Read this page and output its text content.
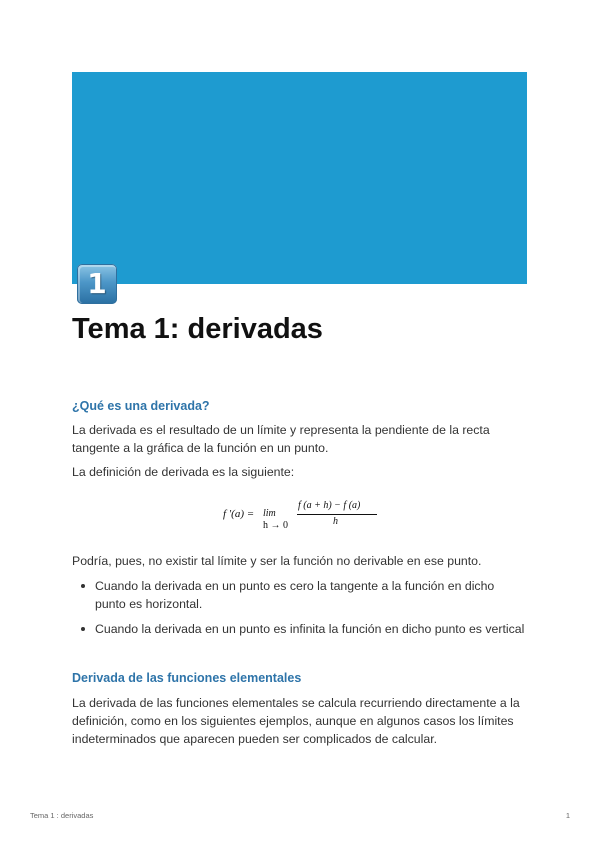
1
Tema 1: derivadas
¿Qué es una derivada?

La derivada es el resultado de un límite y representa la pendiente de la recta tangente a la gráfica de la función en un punto.

La definición de derivada es la siguiente:

f '(a) = lim
h → 0
f (a + h) − f (a)
h

Podría, pues, no existir tal límite y ser la función no derivable en ese punto.

Cuando la derivada en un punto es cero la tangente a la función en dicho punto es horizontal.
Cuando la derivada en un punto es infinita la función en dicho punto es vertical
Derivada de las funciones elementales

La derivada de las funciones elementales se calcula recurriendo directamente a la definición, como en los siguientes ejemplos, aunque en algunos casos los límites indeterminados que aparecen pueden ser complicados de calcular.

Tema 1 : derivadas	1
